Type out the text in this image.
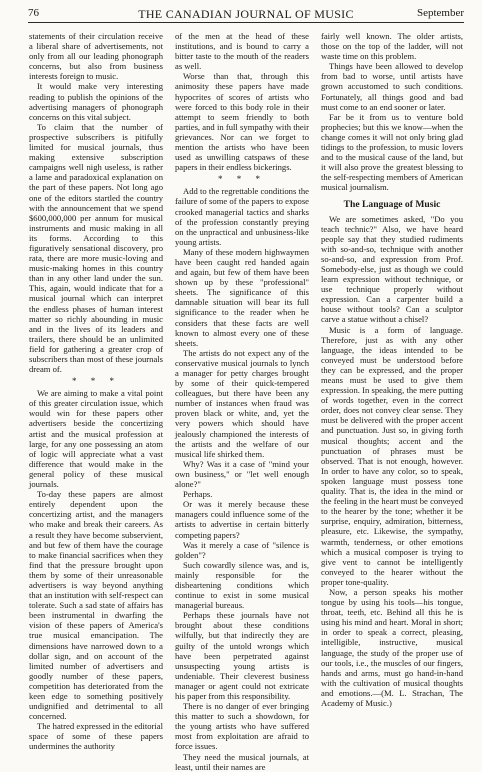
76	THE CANADIAN JOURNAL OF MUSIC	September

statements of their circulation receive a liberal share of advertisements, not only from all our leading phonograph concerns, but also from business interests foreign to music.

It would make very interesting reading to publish the opinions of the advertising managers of phonograph concerns on this vital subject.

To claim that the number of prospective subscribers is pitifully limited for musical journals, thus making extensive subscription campaigns well nigh useless, is rather a lame and paradoxical explanation on the part of these papers. Not long ago one of the editors startled the country with the announcement that we spend $600,000,000 per annum for musical instruments and music making in all its forms. According to this figuratively sensational discovery, pro rata, there are more music-loving and music-making homes in this country than in any other land under the sun. This, again, would indicate that for a musical journal which can interpret the endless phases of human interest matter so richly abounding in music and in the lives of its leaders and trailers, there should be an unlimited field for gathering a greater crop of subscribers than most of these journals dream of.

* * *

We are aiming to make a vital point of this greater circulation issue, which would win for these papers other advertisers beside the concertizing artist and the musical profession at large, for any one possessing an atom of logic will appreciate what a vast difference that would make in the general policy of these musical journals.

To-day these papers are almost entirely dependent upon the concertizing artist, and the managers who make and break their careers. As a result they have become subservient, and but few of them have the courage to make financial sacrifices when they find that the pressure brought upon them by some of their unreasonable advertisers is way beyond anything that an institution with self-respect can tolerate. Such a sad state of affairs has been instrumental in dwarfing the vision of these papers of America's true musical emancipation. The dimensions have narrowed down to a dollar sign, and on account of the limited number of advertisers and goodly number of these papers, competition has deteriorated from the keen edge to something positively undignified and detrimental to all concerned.

The hatred expressed in the editorial space of some of these papers undermines the authority

of the men at the head of these institutions, and is bound to carry a bitter taste to the mouth of the readers as well.

Worse than that, through this animosity these papers have made hypocrites of scores of artists who were forced to this body role in their attempt to seem friendly to both parties, and in full sympathy with their grievances. Nor can we forget to mention the artists who have been used as unwilling catspaws of these papers in their endless bickerings.

* * *

Add to the regrettable conditions the failure of some of the papers to expose crooked managerial tactics and sharks of the profession constantly preying on the unpractical and unbusiness-like young artists.

Many of these modern highwaymen have been caught red handed again and again, but few of them have been shown up by these "professional" sheets. The significance of this damnable situation will bear its full significance to the reader when he considers that these facts are well known to almost every one of these sheets.

The artists do not expect any of the conservative musical journals to lynch a manager for petty charges brought by some of their quick-tempered colleagues, but there have been any number of instances when fraud was proven black or white, and, yet the very powers which should have jealously championed the interests of the artists and the welfare of our musical life shirked them.

Why? Was it a case of "mind your own business," or "let well enough alone?"

Perhaps.

Or was it merely because these managers could influence some of the artists to advertise in certain bitterly competing papers?

Was it merely a case of "silence is golden"?

Such cowardly silence was, and is, mainly responsible for the disheartening conditions which continue to exist in some musical managerial bureaus.

Perhaps these journals have not brought about these conditions wilfully, but that indirectly they are guilty of the untold wrongs which have been perpetrated against unsuspecting young artists is undeniable. Their cleverest business manager or agent could not extricate his paper from this responsibility.

There is no danger of ever bringing this matter to such a showdown, for the young artists who have suffered most from exploitation are afraid to force issues.

They need the musical journals, at least, until their names are

fairly well known. The older artists, those on the top of the ladder, will not waste time on this problem.

Things have been allowed to develop from bad to worse, until artists have grown accustomed to such conditions. Fortunately, all things good and bad must come to an end sooner or later.

Far be it from us to venture bold prophecies; but this we know—when the change comes it will not only bring glad tidings to the profession, to music lovers and to the musical cause of the land, but it will also prove the greatest blessing to the self-respecting members of American musical journalism.

The Language of Music

We are sometimes asked, "Do you teach technic?" Also, we have heard people say that they studied rudiments with so-and-so, technique with another so-and-so, and expression from Prof. Somebody-else, just as though we could learn expression without technique, or use technique properly without expression. Can a carpenter build a house without tools? Can a sculptor carve a statue without a chisel?

Music is a form of language. Therefore, just as with any other language, the ideas intended to be conveyed must be understood before they can be expressed, and the proper means must be used to give them expression. In speaking, the mere putting of words together, even in the correct order, does not convey clear sense. They must be delivered with the proper accent and punctuation. Just so, in giving forth musical thoughts; accent and the punctuation of phrases must be observed. That is not enough, however. In order to have any color, so to speak, spoken language must possess tone quality. That is, the idea in the mind or the feeling in the heart must be conveyed to the hearer by the tone; whether it be surprise, enquiry, admiration, bitterness, pleasure, etc. Likewise, the sympathy, warmth, tenderness, or other emotions which a musical composer is trying to give vent to cannot be intelligently conveyed to the hearer without the proper tone-quality.

Now, a person speaks his mother tongue by using his tools—his tongue, throat, teeth, etc. Behind all this he is using his mind and heart. Moral in short; in order to speak a correct, pleasing, intelligible, instructive, musical language, the study of the proper use of our tools, i.e., the muscles of our fingers, hands and arms, must go hand-in-hand with the cultivation of musical thoughts and emotions.—(M. L. Strachan, The Academy of Music.)
